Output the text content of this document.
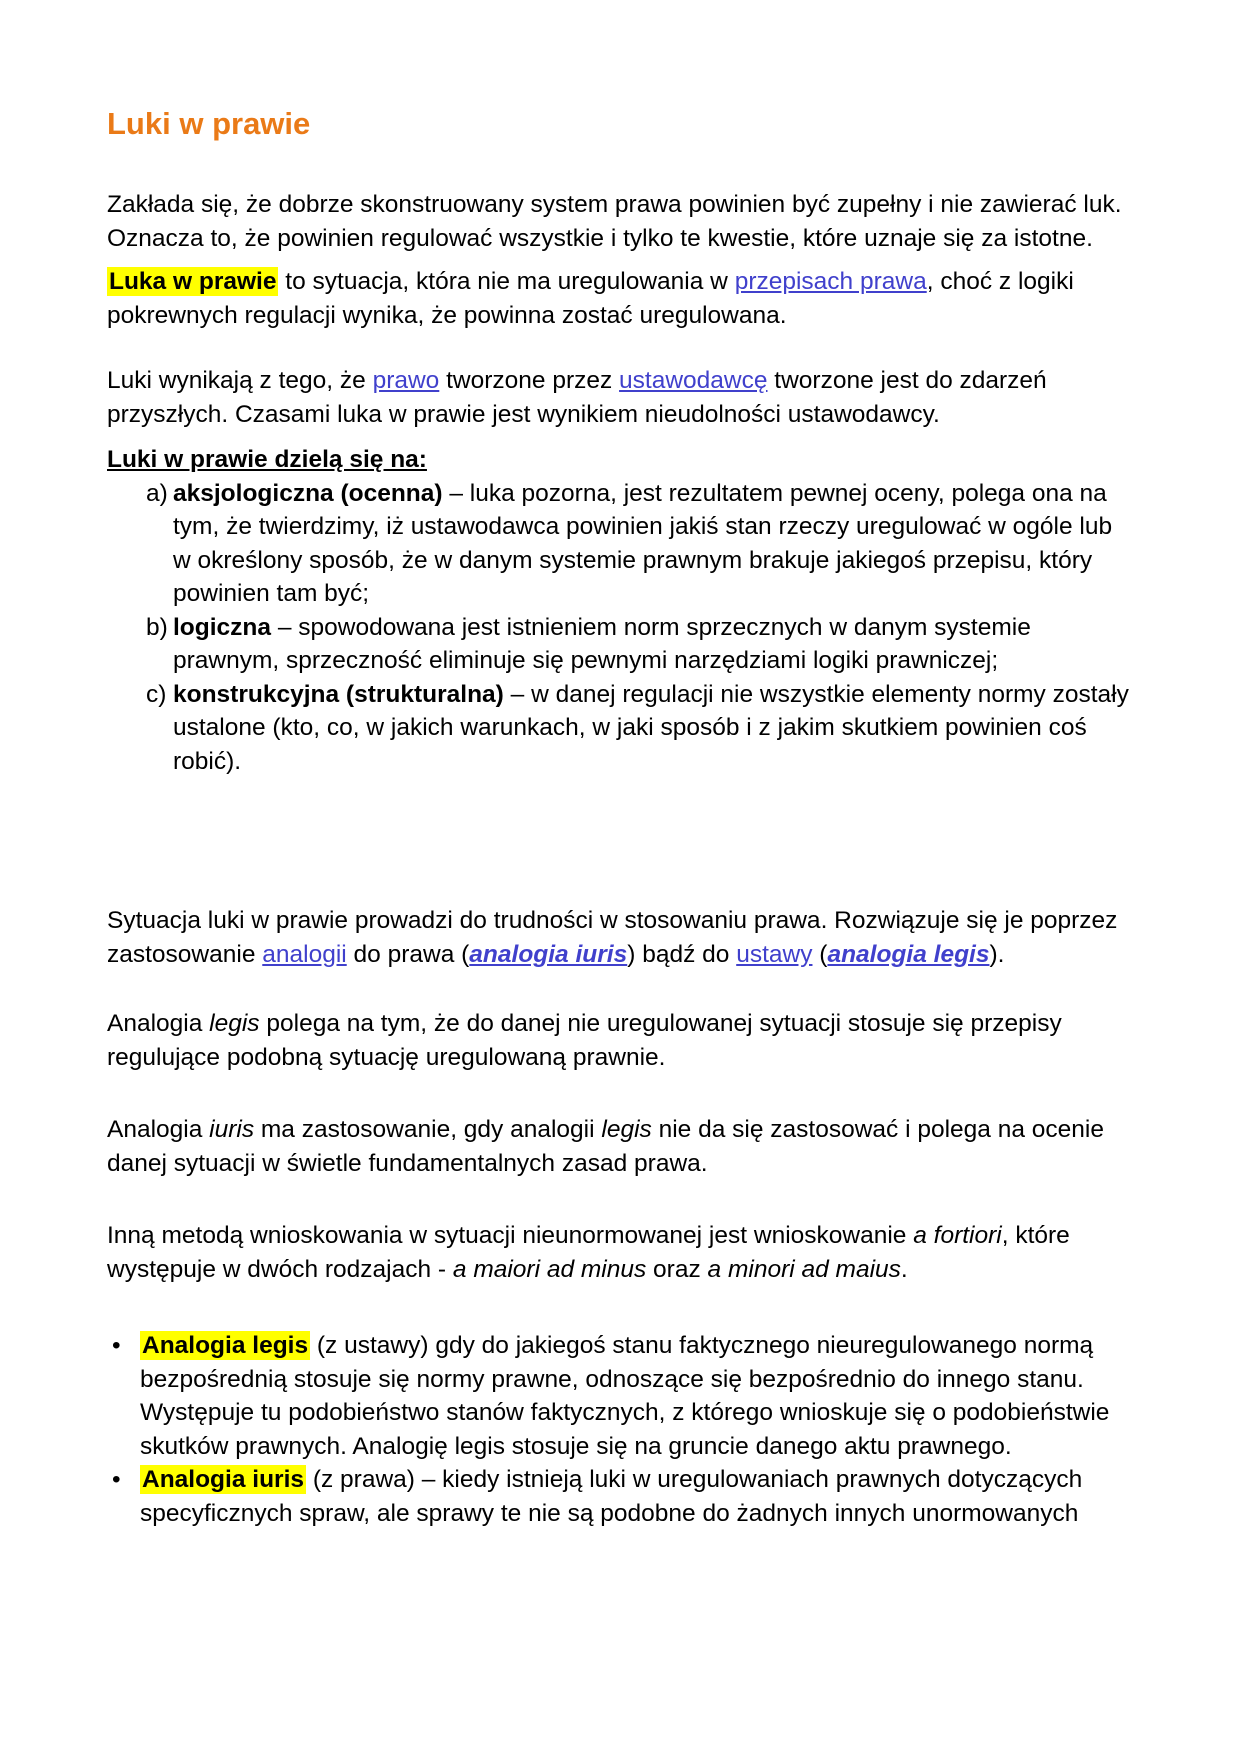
Luki w prawie

Zakłada się, że dobrze skonstruowany system prawa powinien być zupełny i nie zawierać luk. Oznacza to, że powinien regulować wszystkie i tylko te kwestie, które uznaje się za istotne.

Luka w prawie to sytuacja, która nie ma uregulowania w przepisach prawa, choć z logiki pokrewnych regulacji wynika, że powinna zostać uregulowana.

Luki wynikają z tego, że prawo tworzone przez ustawodawcę tworzone jest do zdarzeń przyszłych. Czasami luka w prawie jest wynikiem nieudolności ustawodawcy.

Luki w prawie dzielą się na:

a) aksjologiczna (ocenna) – luka pozorna, jest rezultatem pewnej oceny, polega ona na tym, że twierdzimy, iż ustawodawca powinien jakiś stan rzeczy uregulować w ogóle lub w określony sposób, że w danym systemie prawnym brakuje jakiegoś przepisu, który powinien tam być;
b) logiczna – spowodowana jest istnieniem norm sprzecznych w danym systemie prawnym, sprzeczność eliminuje się pewnymi narzędziami logiki prawniczej;
c) konstrukcyjna (strukturalna) – w danej regulacji nie wszystkie elementy normy zostały ustalone (kto, co, w jakich warunkach, w jaki sposób i z jakim skutkiem powinien coś robić).

Sytuacja luki w prawie prowadzi do trudności w stosowaniu prawa. Rozwiązuje się je poprzez zastosowanie analogii do prawa (analogia iuris) bądź do ustawy (analogia legis).

Analogia legis polega na tym, że do danej nie uregulowanej sytuacji stosuje się przepisy regulujące podobną sytuację uregulowaną prawnie.

Analogia iuris ma zastosowanie, gdy analogii legis nie da się zastosować i polega na ocenie danej sytuacji w świetle fundamentalnych zasad prawa.

Inną metodą wnioskowania w sytuacji nieunormowanej jest wnioskowanie a fortiori, które występuje w dwóch rodzajach - a maiori ad minus oraz a minori ad maius.

• Analogia legis (z ustawy) gdy do jakiegoś stanu faktycznego nieuregulowanego normą bezpośrednią stosuje się normy prawne, odnoszące się bezpośrednio do innego stanu. Występuje tu podobieństwo stanów faktycznych, z którego wnioskuje się o podobieństwie skutków prawnych. Analogię legis stosuje się na gruncie danego aktu prawnego.
• Analogia iuris (z prawa) – kiedy istnieją luki w uregulowaniach prawnych dotyczących specyficznych spraw, ale sprawy te nie są podobne do żadnych innych unormowanych
